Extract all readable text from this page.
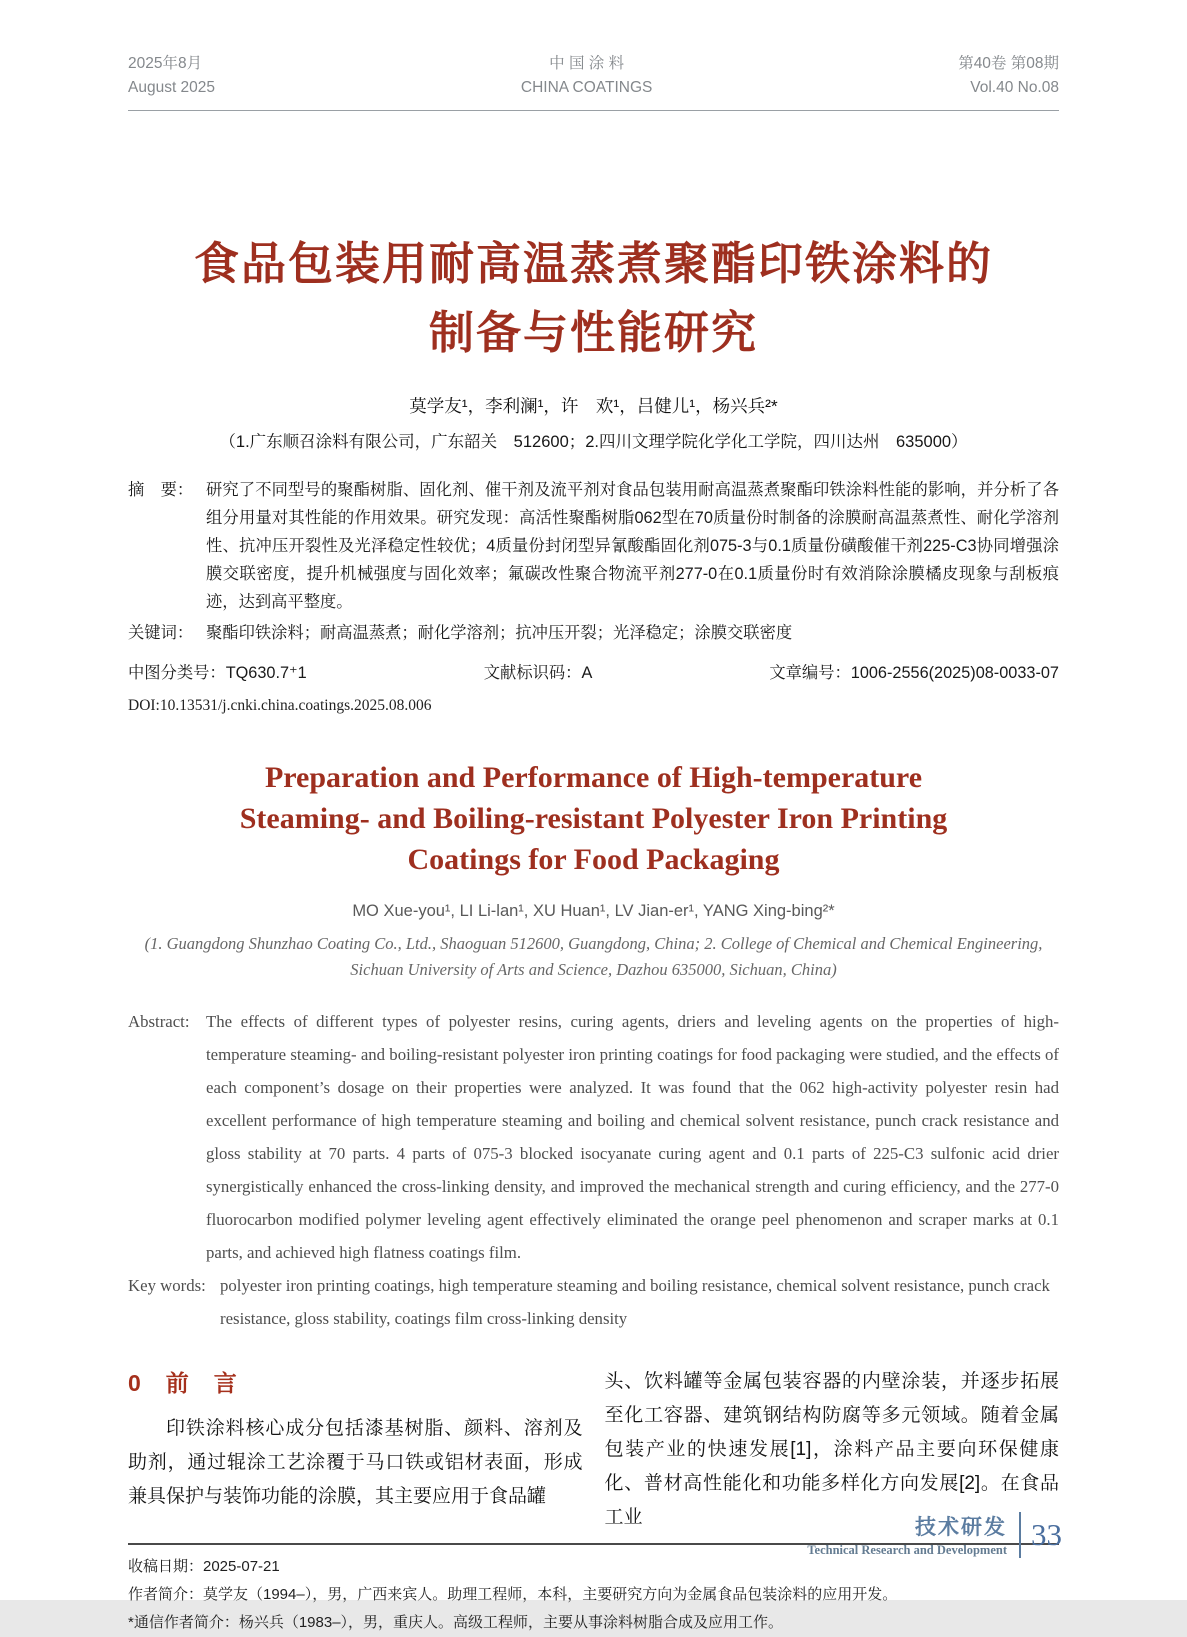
2025年8月
August 2025
中 国 涂 料
CHINA COATINGS
第40卷 第08期
Vol.40 No.08
食品包装用耐高温蒸煮聚酯印铁涂料的
制备与性能研究
莫学友¹，李利澜¹，许　欢¹，吕健儿¹，杨兴兵²*
（1.广东顺召涂料有限公司，广东韶关　512600；2.四川文理学院化学化工学院，四川达州　635000）
摘　要： 研究了不同型号的聚酯树脂、固化剂、催干剂及流平剂对食品包装用耐高温蒸煮聚酯印铁涂料性能的影响，并分析了各组分用量对其性能的作用效果。研究发现：高活性聚酯树脂062型在70质量份时制备的涂膜耐高温蒸煮性、耐化学溶剂性、抗冲压开裂性及光泽稳定性较优；4质量份封闭型异氰酸酯固化剂075-3与0.1质量份磺酸催干剂225-C3协同增强涂膜交联密度，提升机械强度与固化效率；氟碳改性聚合物流平剂277-0在0.1质量份时有效消除涂膜橘皮现象与刮板痕迹，达到高平整度。
关键词： 聚酯印铁涂料；耐高温蒸煮；耐化学溶剂；抗冲压开裂；光泽稳定；涂膜交联密度
中图分类号：TQ630.7⁺1	文献标识码：A	文章编号：1006-2556(2025)08-0033-07
DOI:10.13531/j.cnki.china.coatings.2025.08.006
Preparation and Performance of High-temperature
Steaming- and Boiling-resistant Polyester Iron Printing
Coatings for Food Packaging
MO Xue-you¹, LI Li-lan¹, XU Huan¹, LV Jian-er¹, YANG Xing-bing²*
(1. Guangdong Shunzhao Coating Co., Ltd., Shaoguan 512600, Guangdong, China; 2. College of Chemical and Chemical Engineering, Sichuan University of Arts and Science, Dazhou 635000, Sichuan, China)
Abstract: The effects of different types of polyester resins, curing agents, driers and leveling agents on the properties of high-temperature steaming- and boiling-resistant polyester iron printing coatings for food packaging were studied, and the effects of each component’s dosage on their properties were analyzed. It was found that the 062 high-activity polyester resin had excellent performance of high temperature steaming and boiling and chemical solvent resistance, punch crack resistance and gloss stability at 70 parts. 4 parts of 075-3 blocked isocyanate curing agent and 0.1 parts of 225-C3 sulfonic acid drier synergistically enhanced the cross-linking density, and improved the mechanical strength and curing efficiency, and the 277-0 fluorocarbon modified polymer leveling agent effectively eliminated the orange peel phenomenon and scraper marks at 0.1 parts, and achieved high flatness coatings film.
Key words: polyester iron printing coatings, high temperature steaming and boiling resistance, chemical solvent resistance, punch crack resistance, gloss stability, coatings film cross-linking density
0　前　言

印铁涂料核心成分包括漆基树脂、颜料、溶剂及助剂，通过辊涂工艺涂覆于马口铁或铝材表面，形成兼具保护与装饰功能的涂膜，其主要应用于食品罐

头、饮料罐等金属包装容器的内壁涂装，并逐步拓展至化工容器、建筑钢结构防腐等多元领域。随着金属包装产业的快速发展[1]，涂料产品主要向环保健康化、普材高性能化和功能多样化方向发展[2]。在食品工业

收稿日期：2025-07-21
作者简介：莫学友（1994–），男，广西来宾人。助理工程师，本科，主要研究方向为金属食品包装涂料的应用开发。
*通信作者简介：杨兴兵（1983–），男，重庆人。高级工程师，主要从事涂料树脂合成及应用工作。
技术研发
Technical Research and Development 33
